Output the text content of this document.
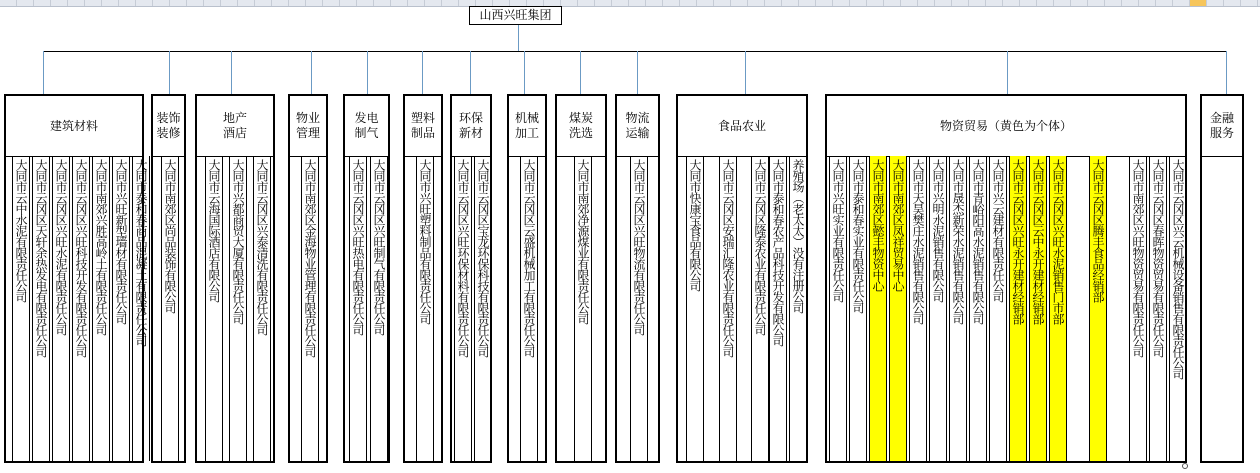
山西兴旺集团
建筑材料
大同市云中水泥有限责任公司 大同市云冈区天轩余热发电有限责任公司 大同市云冈区兴旺水泥有限责任公司 大同市云冈区兴旺科技开发有限责任公司 大同市南郊兴胜高岭土有限责任公司 大同市兴旺新型墙材有限责任公司 大同市泰和春商品混凝土有限责任公司
装饰
装修
大同市南郊区尚品装饰有限公司
地产
酒店
大同市云海国际酒店有限公司 大同市兴都商贸大厦有限责任公司 大同市云冈区兴泰清洗有限责任公司
物业
管理
大同市南郊区金海物业管理有限责任公司
发电
制气
大同市云冈区兴旺热电有限责任公司 大同市云冈区兴旺制气有限责任公司
塑料
制品
大同市兴旺塑料制品有限责任公司
环保
新材
大同市云冈区兴旺环保材料有限责任公司 大同市云冈区宝龙环保科技有限责任公司
机械
加工
大同市云冈区云盛机械加工有限责任公司
煤炭
洗选
大同市南郊净源煤业有限责任公司
物流
运输
大同市云冈区兴旺物流有限责任公司
食品农业
大同市快康宝食品有限公司 大同市云冈区安瑞汇隆农业有限责任公司 大同市云冈区隆泰农业有限责任公司 大同市泰和春农产品科技开发有限公司 养殖场（老太太）没有注册公司
物资贸易（黄色为个体）
大同市兴旺实业有限责任公司 大同市泰和春实业有限责任公司 大同市南郊区懿丰物资中心 大同市南郊区凤祥贸易中心 大同市天昊樊庄水泥销售有限公司 大同市兴明水泥销售有限公司 大同市晟杰新荣水泥销售有限公司 大同市青峪阳高水泥销售有限公司 大同市兴云建材有限责任公司 大同市云冈区兴旺永开建材经销部 大同市云冈区云中永开建材经销部 大同市云冈区兴旺水泥销售门市部 大同市云冈区腾丰食品经销部 大同市南郊区兴旺物资贸易有限责任公司 大同市云冈区春晖物资贸易有限责任公司 大同市云冈区兴云机械设备销售有限责任公司
金融
服务
